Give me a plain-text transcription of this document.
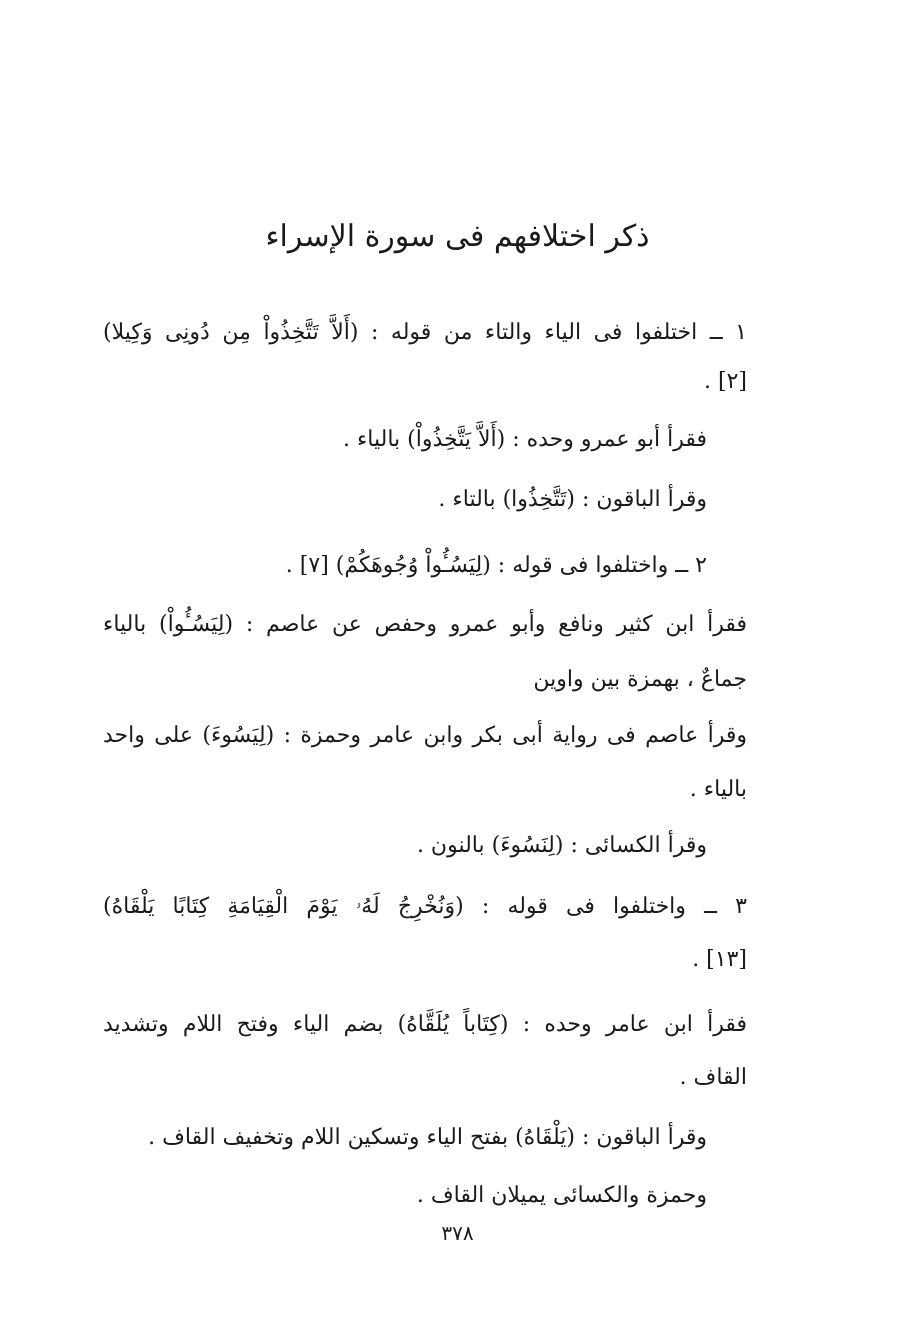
ذكر اختلافهم فى سورة الإسراء
١ ــ اختلفوا فى الياء والتاء من قوله : (أَلاَّ تَتَّخِذُواْ مِن دُونِى وَكِيلا)
[٢] .
فقرأ أبو عمرو وحده : (أَلاَّ يَتَّخِذُواْ) بالياء .
وقرأ الباقون : (تَتَّخِذُوا) بالتاء .
٢ ــ واختلفوا فى قوله : (لِيَسُـُٔواْ وُجُوهَكُمْ) [٧] .
فقرأ ابن كثير ونافع وأبو عمرو وحفص عن عاصم : (لِيَسُـُٔواْ) بالياء
جماعٌ ، بهمزة بين واوين
وقرأ عاصم فى رواية أبى بكر وابن عامر وحمزة : (لِيَسُوءَ) على واحد
بالياء .
وقرأ الكسائى : (لِنَسُوءَ) بالنون .
٣ ــ واختلفوا فى قوله : (وَنُخْرِجُ لَهُۥ يَوْمَ الْقِيَامَةِ كِتَابًا يَلْقَاهُ)
[١٣] .
فقرأ ابن عامر وحده : (كِتَاباً يُلَقَّاهُ) بضم الياء وفتح اللام وتشديد
القاف .
وقرأ الباقون : (يَلْقَاهُ) بفتح الياء وتسكين اللام وتخفيف القاف .
وحمزة والكسائى يميلان القاف .
٣٧٨
